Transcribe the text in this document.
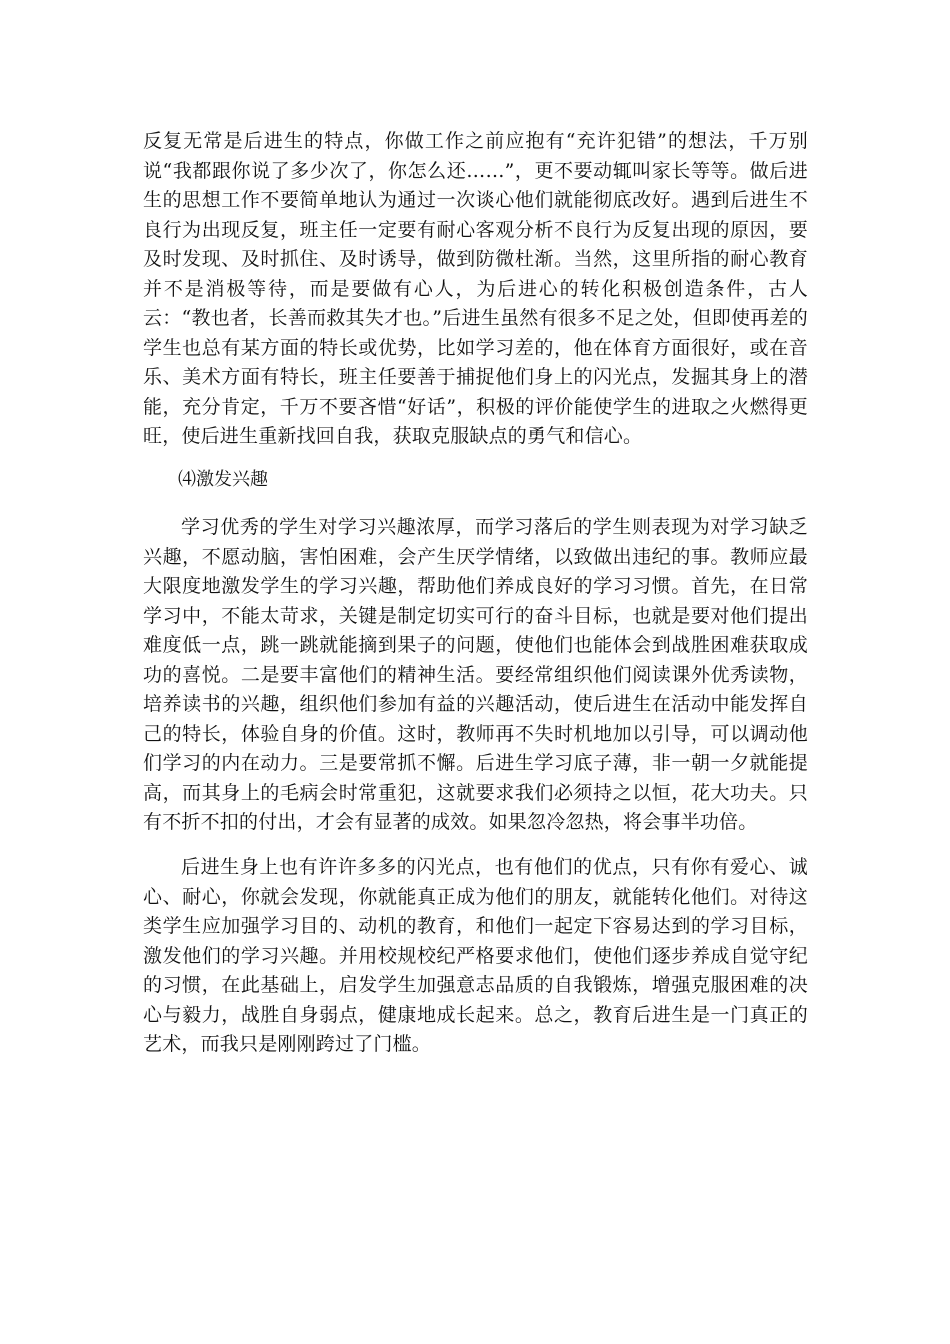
反复无常是后进生的特点，你做工作之前应抱有“充许犯错”的想法，千万别说“我都跟你说了多少次了，你怎么还……”，更不要动辄叫家长等等。做后进生的思想工作不要简单地认为通过一次谈心他们就能彻底改好。遇到后进生不良行为出现反复，班主任一定要有耐心客观分析不良行为反复出现的原因，要及时发现、及时抓住、及时诱导，做到防微杜渐。当然，这里所指的耐心教育并不是消极等待，而是要做有心人，为后进心的转化积极创造条件，古人云：“教也者，长善而救其失才也。”后进生虽然有很多不足之处，但即使再差的学生也总有某方面的特长或优势，比如学习差的，他在体育方面很好，或在音乐、美术方面有特长，班主任要善于捕捉他们身上的闪光点，发掘其身上的潜能，充分肯定，千万不要吝惜“好话”，积极的评价能使学生的进取之火燃得更旺，使后进生重新找回自我，获取克服缺点的勇气和信心。

⑷激发兴趣

学习优秀的学生对学习兴趣浓厚，而学习落后的学生则表现为对学习缺乏兴趣，不愿动脑，害怕困难，会产生厌学情绪，以致做出违纪的事。教师应最大限度地激发学生的学习兴趣，帮助他们养成良好的学习习惯。首先，在日常学习中，不能太苛求，关键是制定切实可行的奋斗目标，也就是要对他们提出难度低一点，跳一跳就能摘到果子的问题，使他们也能体会到战胜困难获取成功的喜悦。二是要丰富他们的精神生活。要经常组织他们阅读课外优秀读物，培养读书的兴趣，组织他们参加有益的兴趣活动，使后进生在活动中能发挥自己的特长，体验自身的价值。这时，教师再不失时机地加以引导，可以调动他们学习的内在动力。三是要常抓不懈。后进生学习底子薄，非一朝一夕就能提高，而其身上的毛病会时常重犯，这就要求我们必须持之以恒，花大功夫。只有不折不扣的付出，才会有显著的成效。如果忽冷忽热，将会事半功倍。

后进生身上也有许许多多的闪光点，也有他们的优点，只有你有爱心、诚心、耐心，你就会发现，你就能真正成为他们的朋友，就能转化他们。对待这类学生应加强学习目的、动机的教育，和他们一起定下容易达到的学习目标，激发他们的学习兴趣。并用校规校纪严格要求他们，使他们逐步养成自觉守纪的习惯，在此基础上，启发学生加强意志品质的自我锻炼，增强克服困难的决心与毅力，战胜自身弱点，健康地成长起来。总之，教育后进生是一门真正的艺术，而我只是刚刚跨过了门槛。
